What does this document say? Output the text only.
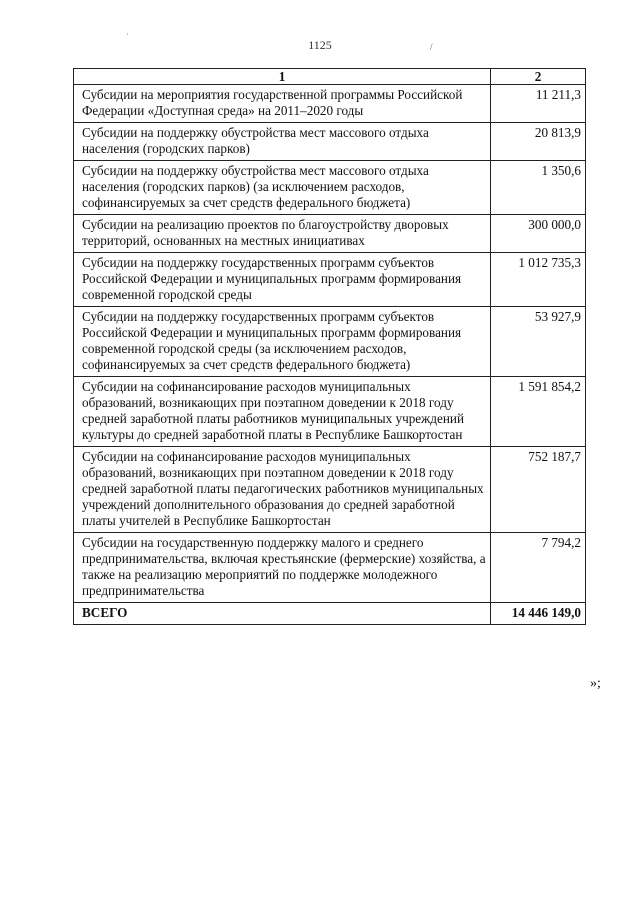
1125
·
/
1	2
Субсидии на мероприятия государственной программы Российской Федерации «Доступная среда» на 2011–2020 годы	11 211,3
Субсидии на поддержку обустройства мест массового отдыха населения (городских парков)	20 813,9
Субсидии на поддержку обустройства мест массового отдыха населения (городских парков) (за исключением расходов, софинансируемых за счет средств федерального бюджета)	1 350,6
Субсидии на реализацию проектов по благоустройству дворовых территорий, основанных на местных инициативах	300 000,0
Субсидии на поддержку государственных программ субъектов Российской Федерации и муниципальных программ формирования современной городской среды	1 012 735,3
Субсидии на поддержку государственных программ субъектов Российской Федерации и муниципальных программ формирования современной городской среды (за исключением расходов, софинансируемых за счет средств федерального бюджета)	53 927,9
Субсидии на софинансирование расходов муниципальных образований, возникающих при поэтапном доведении к 2018 году средней заработной платы работников муниципальных учреждений культуры до средней заработной платы в Республике Башкортостан	1 591 854,2
Субсидии на софинансирование расходов муниципальных образований, возникающих при поэтапном доведении к 2018 году средней заработной платы педагогических работников муниципальных учреждений дополнительного образования до средней заработной платы учителей в Республике Башкортостан	752 187,7
Субсидии на государственную поддержку малого и среднего предпринимательства, включая крестьянские (фермерские) хозяйства, а также на реализацию мероприятий по поддержке молодежного предпринимательства	7 794,2
ВСЕГО	14 446 149,0
»;
